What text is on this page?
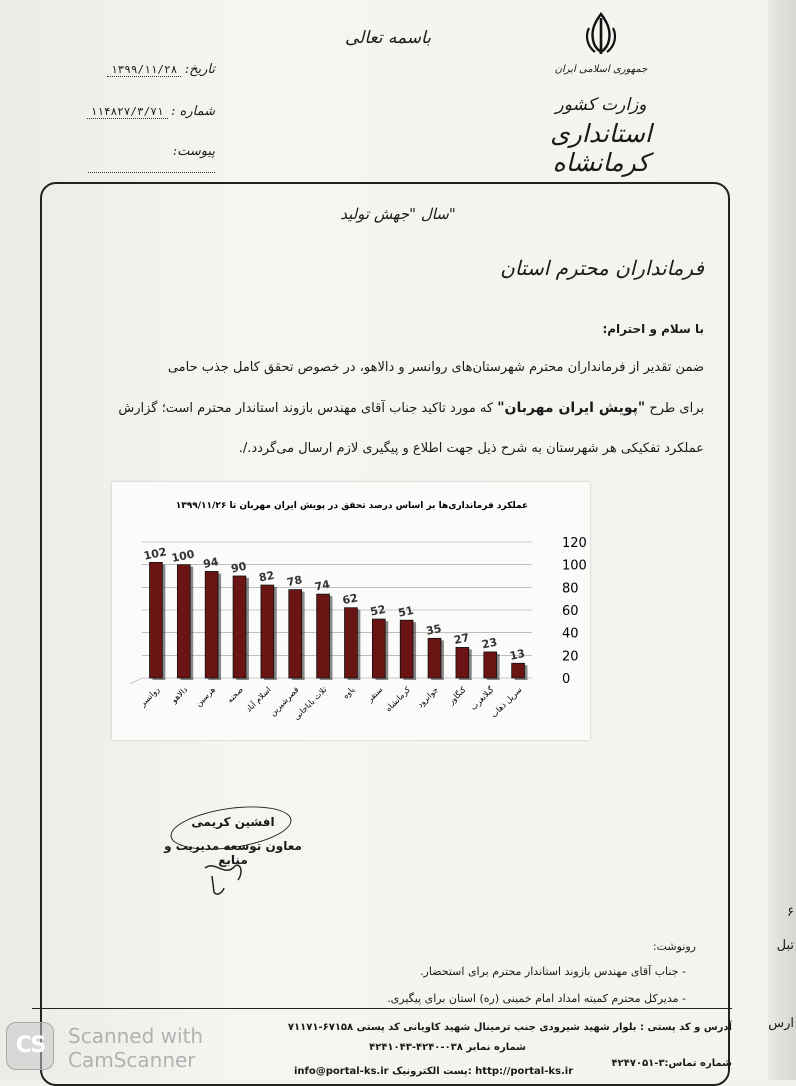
جمهوری اسلامی ایران
وزارت کشور
استانداری کرمانشاه
باسمه تعالی
تاریخ: ۱۳۹۹/۱۱/۲۸
شماره : ۱۱۴۸۲۷/۳/۷۱
پیوست:
سال "جهش تولید"
فرمانداران محترم استان
با سلام و احترام:
ضمن تقدیر از فرمانداران محترم شهرستان‌های روانسر و دالاهو، در خصوص تحقق کامل جذب حامی
برای طرح "پویش ایران مهربان" که مورد تاکید جناب آقای مهندس بازوند استاندار محترم است؛ گزارش
عملکرد تفکیکی هر شهرستان به شرح ذیل جهت اطلاع و پیگیری لازم ارسال می‌گردد./.
عملکرد فرمانداری‌ها بر اساس درصد تحقق در پویش ایران مهربان تا ۱۳۹۹/۱۱/۲۶
102 100 94 90
82 78 74
62
52 51
35
27 23
13
0
20
40
60
80
100
120
روانسر دالاهو هرسین صحنه اسلام آباد
قصرشیرین
ثلاث باباجانی پاوه سنقر کرمانشاه جوانرود کنگاور گیلانغرب
سرپل ذهاب
افشین کریمی
معاون توسعه مدیریت و منابع
رونوشت:
- جناب آقای مهندس بازوند استاندار محترم برای استحضار.
- مدیرکل محترم کمیته امداد امام خمینی (ره) استان برای پیگیری.
آدرس و کد پستی : بلوار شهید شیرودی جنب ترمینال شهید کاویانی کد پستی ۶۷۱۵۸-۷۱۱۷۱
شماره نمابر ۰۳۸-۴۲۴۰-۴۲۴۱۰۴۳
شماره تماس:۳-۴۲۴۷۰۵۱
info@portal-ks.ir پست الکترونیک: http://portal-ks.ir
۶
تبل
ارس
CS	Scanned with
CamScanner
